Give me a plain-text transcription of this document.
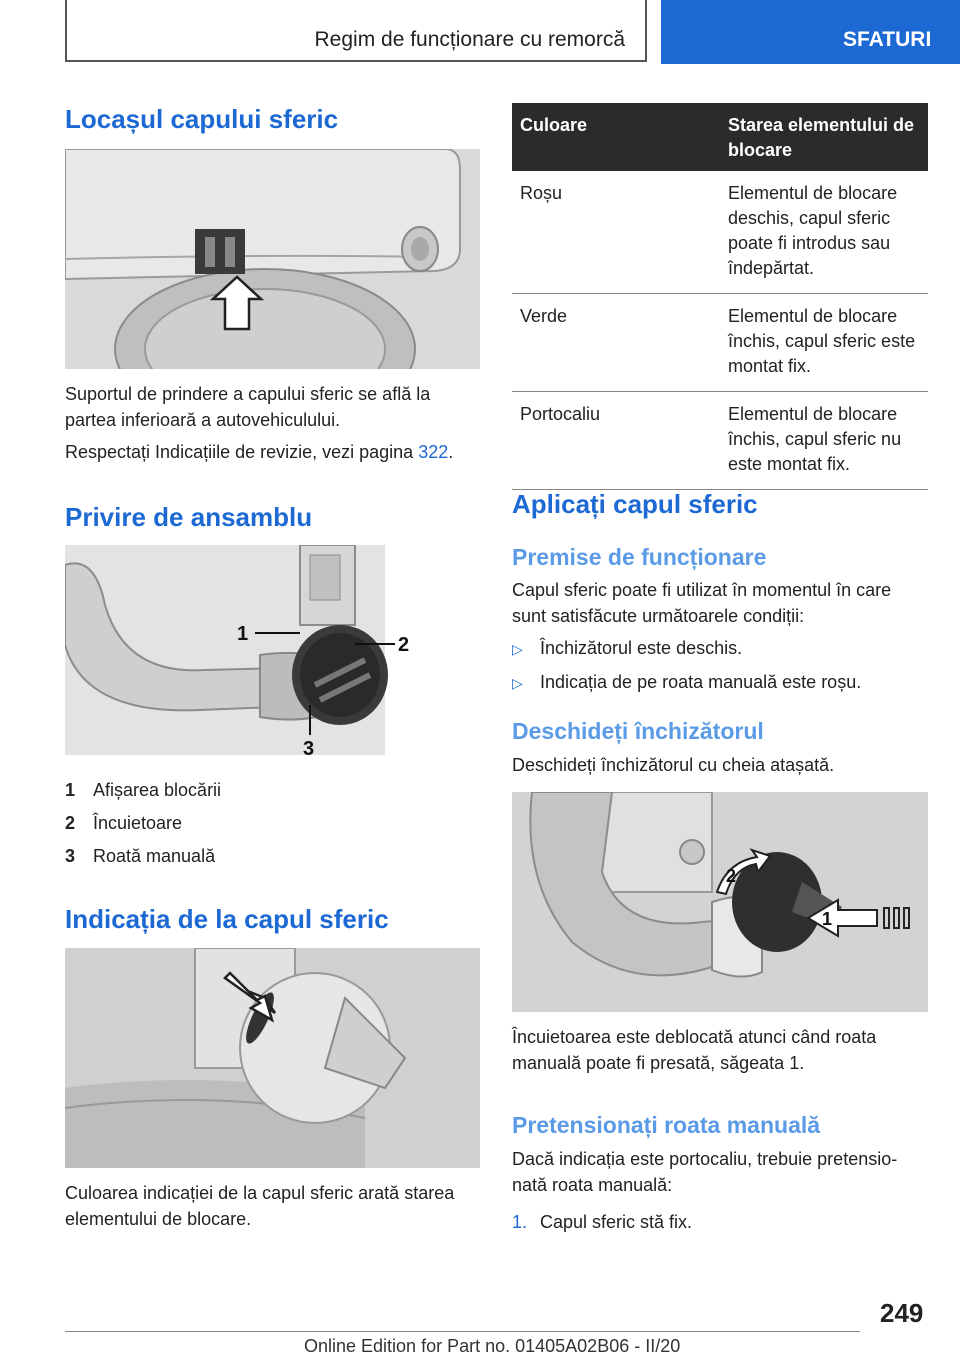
Regim de funcționare cu remorcă	SFATURI
Locașul capului sferic
Suportul de prindere a capului sferic se află la partea inferioară a autovehiculului.
Respectați Indicațiile de revizie, vezi pagina 322.
Privire de ansamblu
1	2
3
1 Afișarea blocării
2 Încuietoare
3 Roată manuală
Indicația de la capul sferic
Culoarea indicației de la capul sferic arată starea elementului de blocare.
Culoare	Starea elementului de blocare
Roșu	Elementul de blocare deschis, capul sferic poate fi introdus sau îndepărtat.
Verde	Elementul de blocare închis, capul sferic este montat fix.
Portocaliu	Elementul de blocare închis, capul sferic nu este montat fix.
Aplicați capul sferic
Premise de funcționare
Capul sferic poate fi utilizat în momentul în care sunt satisfăcute următoarele condiții:
▷ Închizătorul este deschis.
▷ Indicația de pe roata manuală este roșu.
Deschideți închizătorul
Deschideți închizătorul cu cheia atașată.
2
1
Încuietoarea este deblocată atunci când roata manuală poate fi presată, săgeata 1.
Pretensionați roata manuală
Dacă indicația este portocaliu, trebuie pretensio-nată roata manuală:
1. Capul sferic stă fix.
249
Online Edition for Part no. 01405A02B06 - II/20
